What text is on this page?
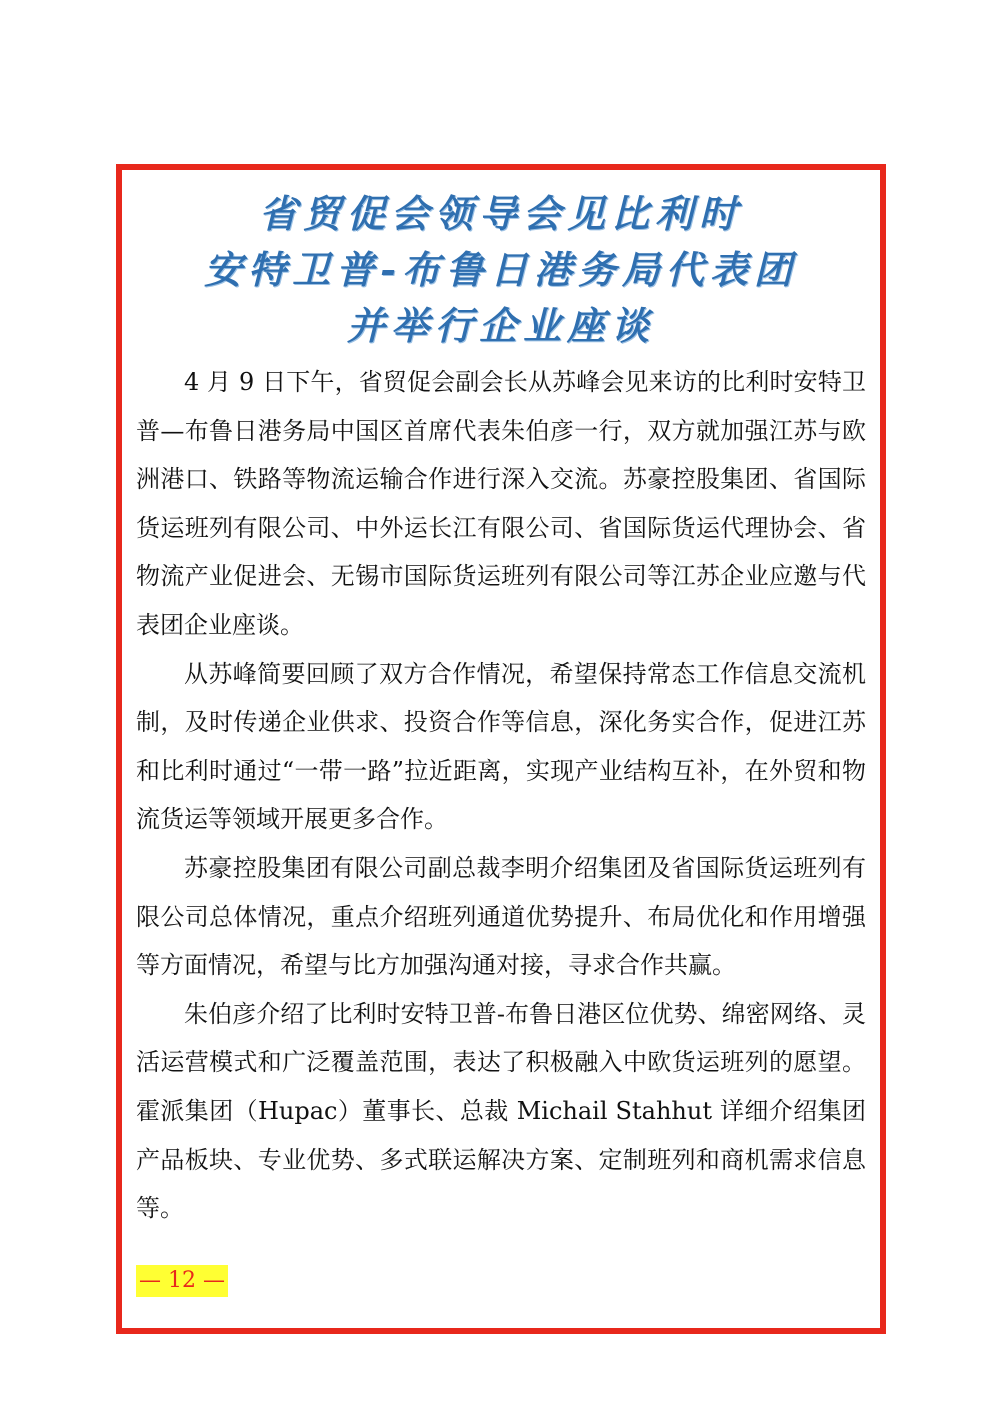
省贸促会领导会见比利时
安特卫普-布鲁日港务局代表团
并举行企业座谈

4 月 9 日下午，省贸促会副会长从苏峰会见来访的比利时安特卫普—布鲁日港务局中国区首席代表朱伯彦一行，双方就加强江苏与欧洲港口、铁路等物流运输合作进行深入交流。苏豪控股集团、省国际货运班列有限公司、中外运长江有限公司、省国际货运代理协会、省物流产业促进会、无锡市国际货运班列有限公司等江苏企业应邀与代表团企业座谈。

从苏峰简要回顾了双方合作情况，希望保持常态工作信息交流机制，及时传递企业供求、投资合作等信息，深化务实合作，促进江苏和比利时通过“一带一路”拉近距离，实现产业结构互补，在外贸和物流货运等领域开展更多合作。

苏豪控股集团有限公司副总裁李明介绍集团及省国际货运班列有限公司总体情况，重点介绍班列通道优势提升、布局优化和作用增强等方面情况，希望与比方加强沟通对接，寻求合作共赢。

朱伯彦介绍了比利时安特卫普-布鲁日港区位优势、绵密网络、灵活运营模式和广泛覆盖范围，表达了积极融入中欧货运班列的愿望。霍派集团（Hupac）董事长、总裁 Michail Stahhut 详细介绍集团产品板块、专业优势、多式联运解决方案、定制班列和商机需求信息等。

— 12 —
